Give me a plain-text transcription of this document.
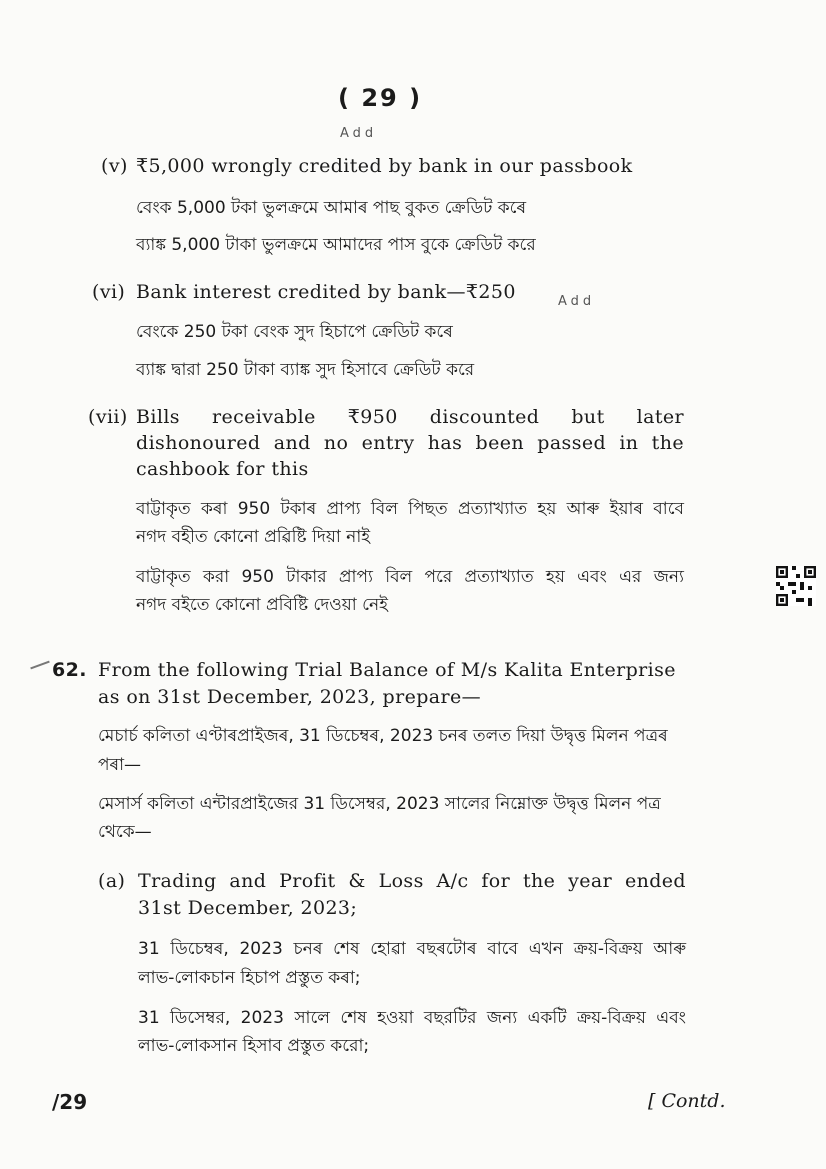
( 29 )
Add
(v) ₹5,000 wrongly credited by bank in our passbook
বেংক 5,000 টকা ভুলক্ৰমে আমাৰ পাছ বুকত ক্ৰেডিট কৰে
ব্যাঙ্ক 5,000 টাকা ভুলক্রমে আমাদের পাস বুকে ক্রেডিট করে
(vi) Bank interest credited by bank—₹250	Add
বেংকে 250 টকা বেংক সুদ হিচাপে ক্ৰেডিট কৰে
ব্যাঙ্ক দ্বারা 250 টাকা ব্যাঙ্ক সুদ হিসাবে ক্রেডিট করে
(vii) Bills receivable ₹950 discounted but later dishonoured and no entry has been passed in the cashbook for this
বাট্টাকৃত কৰা 950 টকাৰ প্ৰাপ্য বিল পিছত প্ৰত্যাখ্যাত হয় আৰু ইয়াৰ বাবে
নগদ বহীত কোনো প্ৰৱিষ্টি দিয়া নাই
বাট্টাকৃত করা 950 টাকার প্রাপ্য বিল পরে প্রত্যাখ্যাত হয় এবং এর জন্য
নগদ বইতে কোনো প্রবিষ্টি দেওয়া নেই
62. From the following Trial Balance of M/s Kalita Enterprise
as on 31st December, 2023, prepare—
মেচাৰ্চ কলিতা এণ্টাৰপ্ৰাইজৰ, 31 ডিচেম্বৰ, 2023 চনৰ তলত দিয়া উদ্বৃত্ত মিলন পত্ৰৰ
পৰা—
মেসার্স কলিতা এন্টারপ্রাইজের 31 ডিসেম্বর, 2023 সালের নিম্নোক্ত উদ্বৃত্ত মিলন পত্র
থেকে—
(a) Trading and Profit & Loss A/c for the year ended
31st December, 2023;
31 ডিচেম্বৰ, 2023 চনৰ শেষ হোৱা বছৰটোৰ বাবে এখন ক্ৰয়-বিক্ৰয় আৰু
লাভ-লোকচান হিচাপ প্ৰস্তুত কৰা;
31 ডিসেম্বর, 2023 সালে শেষ হওয়া বছরটির জন্য একটি ক্রয়-বিক্রয় এবং
লাভ-লোকসান হিসাব প্রস্তুত করো;
/29	[ Contd.
